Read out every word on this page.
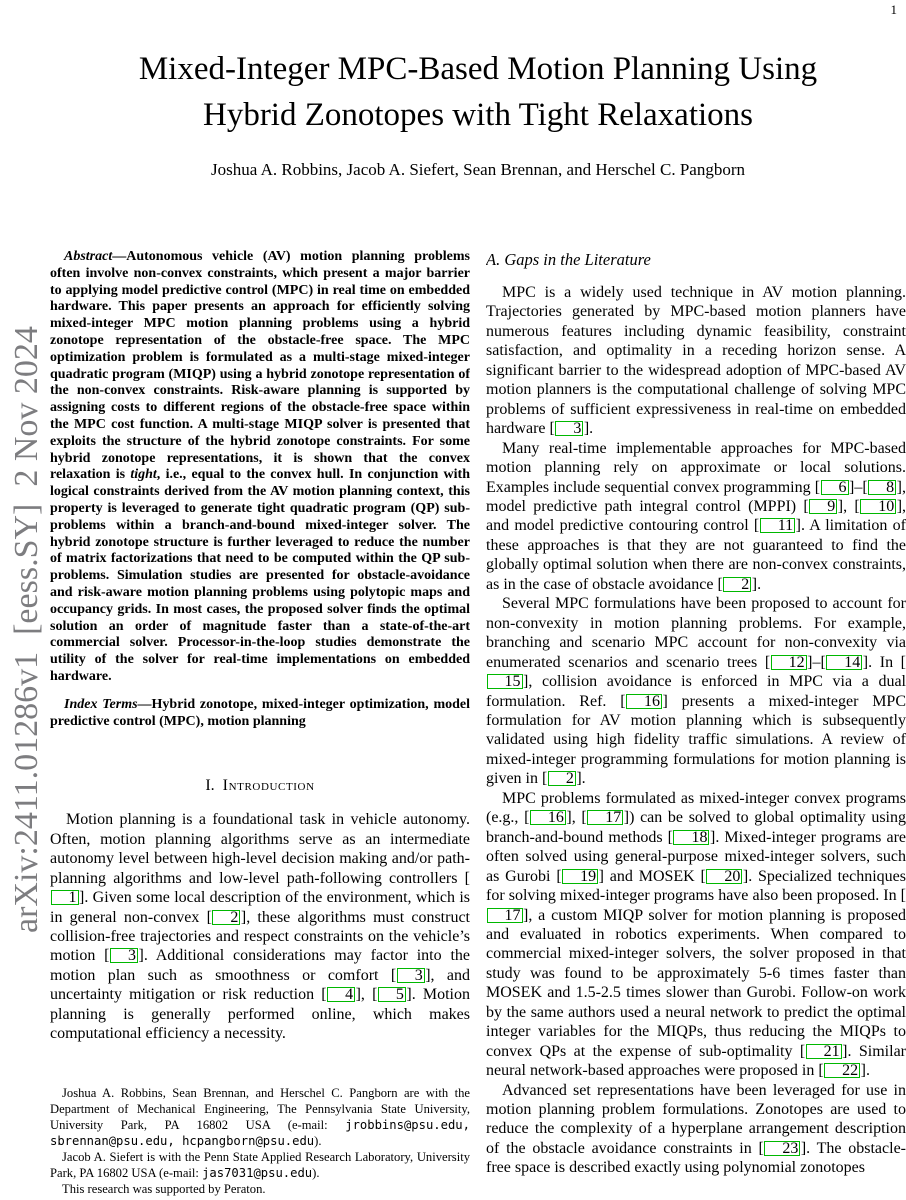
1
arXiv:2411.01286v1  [eess.SY]  2 Nov 2024
Mixed-Integer MPC-Based Motion Planning Using
Hybrid Zonotopes with Tight Relaxations
Joshua A. Robbins, Jacob A. Siefert, Sean Brennan, and Herschel C. Pangborn

Abstract—Autonomous vehicle (AV) motion planning problems often involve non-convex constraints, which present a major barrier to applying model predictive control (MPC) in real time on embedded hardware. This paper presents an approach for efficiently solving mixed-integer MPC motion planning problems using a hybrid zonotope representation of the obstacle-free space. The MPC optimization problem is formulated as a multi-stage mixed-integer quadratic program (MIQP) using a hybrid zonotope representation of the non-convex constraints. Risk-aware planning is supported by assigning costs to different regions of the obstacle-free space within the MPC cost function. A multi-stage MIQP solver is presented that exploits the structure of the hybrid zonotope constraints. For some hybrid zonotope representations, it is shown that the convex relaxation is tight, i.e., equal to the convex hull. In conjunction with logical constraints derived from the AV motion planning context, this property is leveraged to generate tight quadratic program (QP) sub-problems within a branch-and-bound mixed-integer solver. The hybrid zonotope structure is further leveraged to reduce the number of matrix factorizations that need to be computed within the QP sub-problems. Simulation studies are presented for obstacle-avoidance and risk-aware motion planning problems using polytopic maps and occupancy grids. In most cases, the proposed solver finds the optimal solution an order of magnitude faster than a state-of-the-art commercial solver. Processor-in-the-loop studies demonstrate the utility of the solver for real-time implementations on embedded hardware.

Index Terms—Hybrid zonotope, mixed-integer optimization, model predictive control (MPC), motion planning

I. Introduction

Motion planning is a foundational task in vehicle autonomy. Often, motion planning algorithms serve as an intermediate autonomy level between high-level decision making and/or path-planning algorithms and low-level path-following controllers [1 ]. Given some local description of the environment, which is in general non-convex [ 2 ], these algorithms must construct collision-free trajectories and respect constraints on the vehicle’s motion [ 3 ]. Additional considerations may factor into the motion plan such as smoothness or comfort [ 3 ], and uncertainty mitigation or risk reduction [ 4 ], [ 5 ]. Motion planning is generally performed online, which makes computational efficiency a necessity.

Joshua A. Robbins, Sean Brennan, and Herschel C. Pangborn are with the Department of Mechanical Engineering, The Pennsylvania State University, University Park, PA 16802 USA (e-mail: jrobbins@psu.edu, sbrennan@psu.edu, hcpangborn@psu.edu).

Jacob A. Siefert is with the Penn State Applied Research Laboratory, University Park, PA 16802 USA (e-mail: jas7031@psu.edu).

This research was supported by Peraton.

A. Gaps in the Literature

MPC is a widely used technique in AV motion planning. Trajectories generated by MPC-based motion planners have numerous features including dynamic feasibility, constraint satisfaction, and optimality in a receding horizon sense. A significant barrier to the widespread adoption of MPC-based AV motion planners is the computational challenge of solving MPC problems of sufficient expressiveness in real-time on embedded hardware [ 3 ].

Many real-time implementable approaches for MPC-based motion planning rely on approximate or local solutions. Examples include sequential convex programming [ 6 ]–[ 8 ], model predictive path integral control (MPPI) [ 9 ], [ 10 ], and model predictive contouring control [ 11 ]. A limitation of these approaches is that they are not guaranteed to find the globally optimal solution when there are non-convex constraints, as in the case of obstacle avoidance [ 2 ].

Several MPC formulations have been proposed to account for non-convexity in motion planning problems. For example, branching and scenario MPC account for non-convexity via enumerated scenarios and scenario trees [ 12 ]–[ 14 ]. In [15 ], collision avoidance is enforced in MPC via a dual formulation. Ref. [ 16 ] presents a mixed-integer MPC formulation for AV motion planning which is subsequently validated using high fidelity traffic simulations. A review of mixed-integer programming formulations for motion planning is given in [ 2 ].

MPC problems formulated as mixed-integer convex programs (e.g., [ 16 ], [ 17 ]) can be solved to global optimality using branch-and-bound methods [ 18 ]. Mixed-integer programs are often solved using general-purpose mixed-integer solvers, such as Gurobi [ 19 ] and MOSEK [ 20 ]. Specialized techniques for solving mixed-integer programs have also been proposed. In [17 ], a custom MIQP solver for motion planning is proposed and evaluated in robotics experiments. When compared to commercial mixed-integer solvers, the solver proposed in that study was found to be approximately 5-6 times faster than MOSEK and 1.5-2.5 times slower than Gurobi. Follow-on work by the same authors used a neural network to predict the optimal integer variables for the MIQPs, thus reducing the MIQPs to convex QPs at the expense of sub-optimality [ 21 ]. Similar neural network-based approaches were proposed in [ 22 ].

Advanced set representations have been leveraged for use in motion planning problem formulations. Zonotopes are used to reduce the complexity of a hyperplane arrangement description of the obstacle avoidance constraints in [ 23 ]. The obstacle-free space is described exactly using polynomial zonotopes
